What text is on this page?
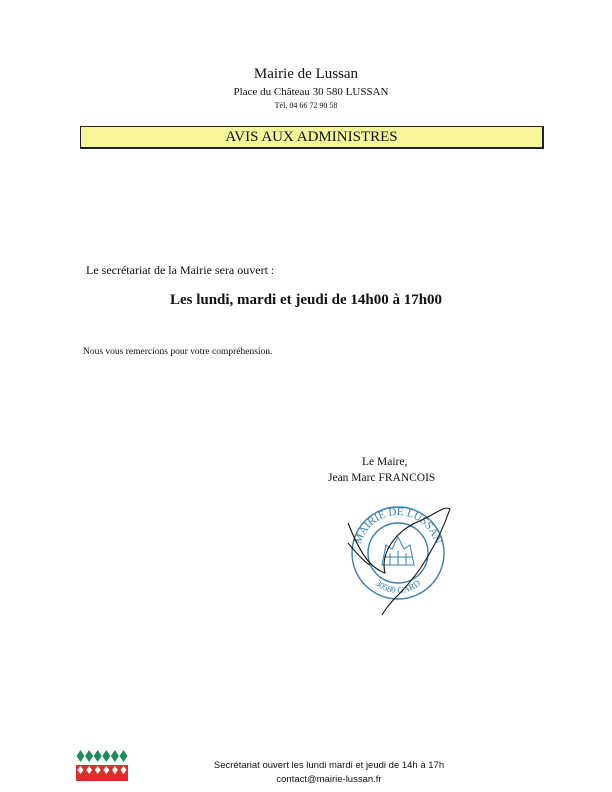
Mairie de Lussan
Place du Château 30 580 LUSSAN
Tél. 04 66 72 90 58
AVIS AUX ADMINISTRES
Le secrétariat de la Mairie sera ouvert :
Les lundi, mardi et jeudi de 14h00 à 17h00
Nous vous remercions pour votre compréhension.
Le Maire,
Jean Marc FRANCOIS
MAIRIE DE LUSSAN
30580 GARD
Secrétariat ouvert les lundi mardi et jeudi de 14h à 17h
contact@mairie-lussan.fr
